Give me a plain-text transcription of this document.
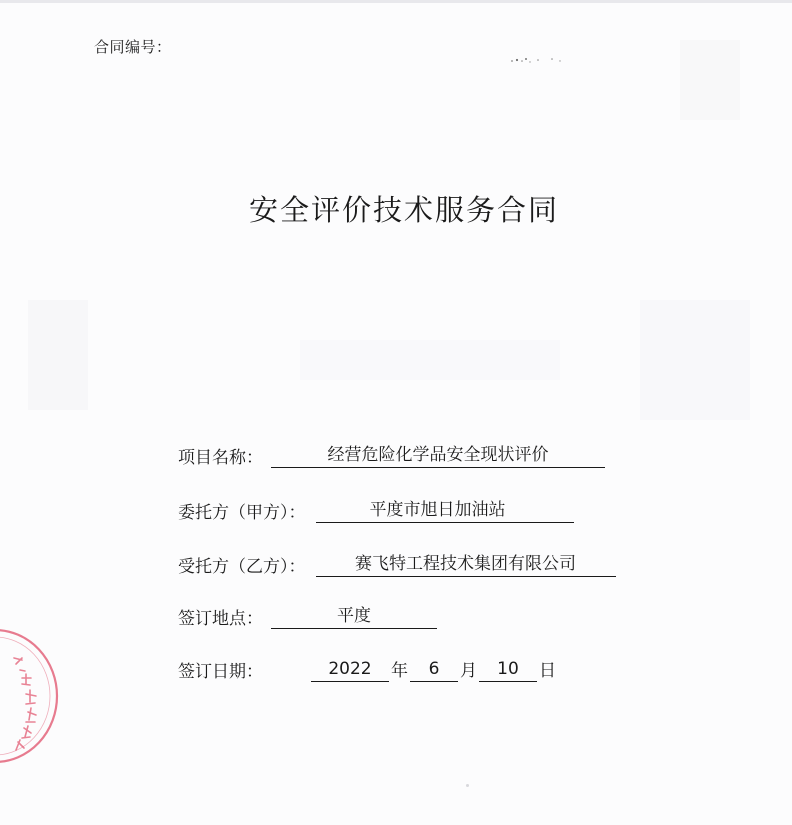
合同编号：
安全评价技术服务合同
项目名称：	经营危险化学品安全现状评价
委托方（甲方）：	平度市旭日加油站
受托方（乙方）：	赛飞特工程技术集团有限公司
签订地点：	平度
签订日期：	2022	年	6	月	10	日
